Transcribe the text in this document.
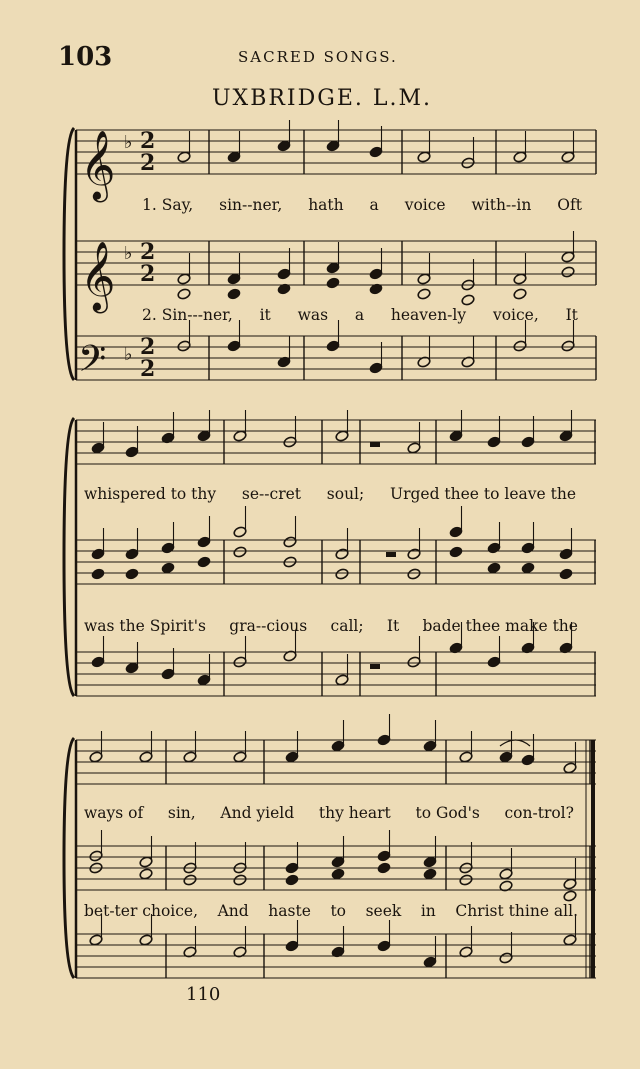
103	SACRED SONGS.
UXBRIDGE. L.M.
𝄞
𝄞
𝄢
♭
♭
♭
2
2
2
2
2
2
1. Say, sin--ner, hath a voice with--in Oft
2. Sin---ner, it was a heaven-ly voice, It
whispered to thy se--cret soul; Urged thee to leave the
was the Spirit's gra--cious call; It bade thee make the
ways of sin, And yield thy heart to God's con-trol?
bet-ter choice, And haste to seek in Christ thine all.
110
